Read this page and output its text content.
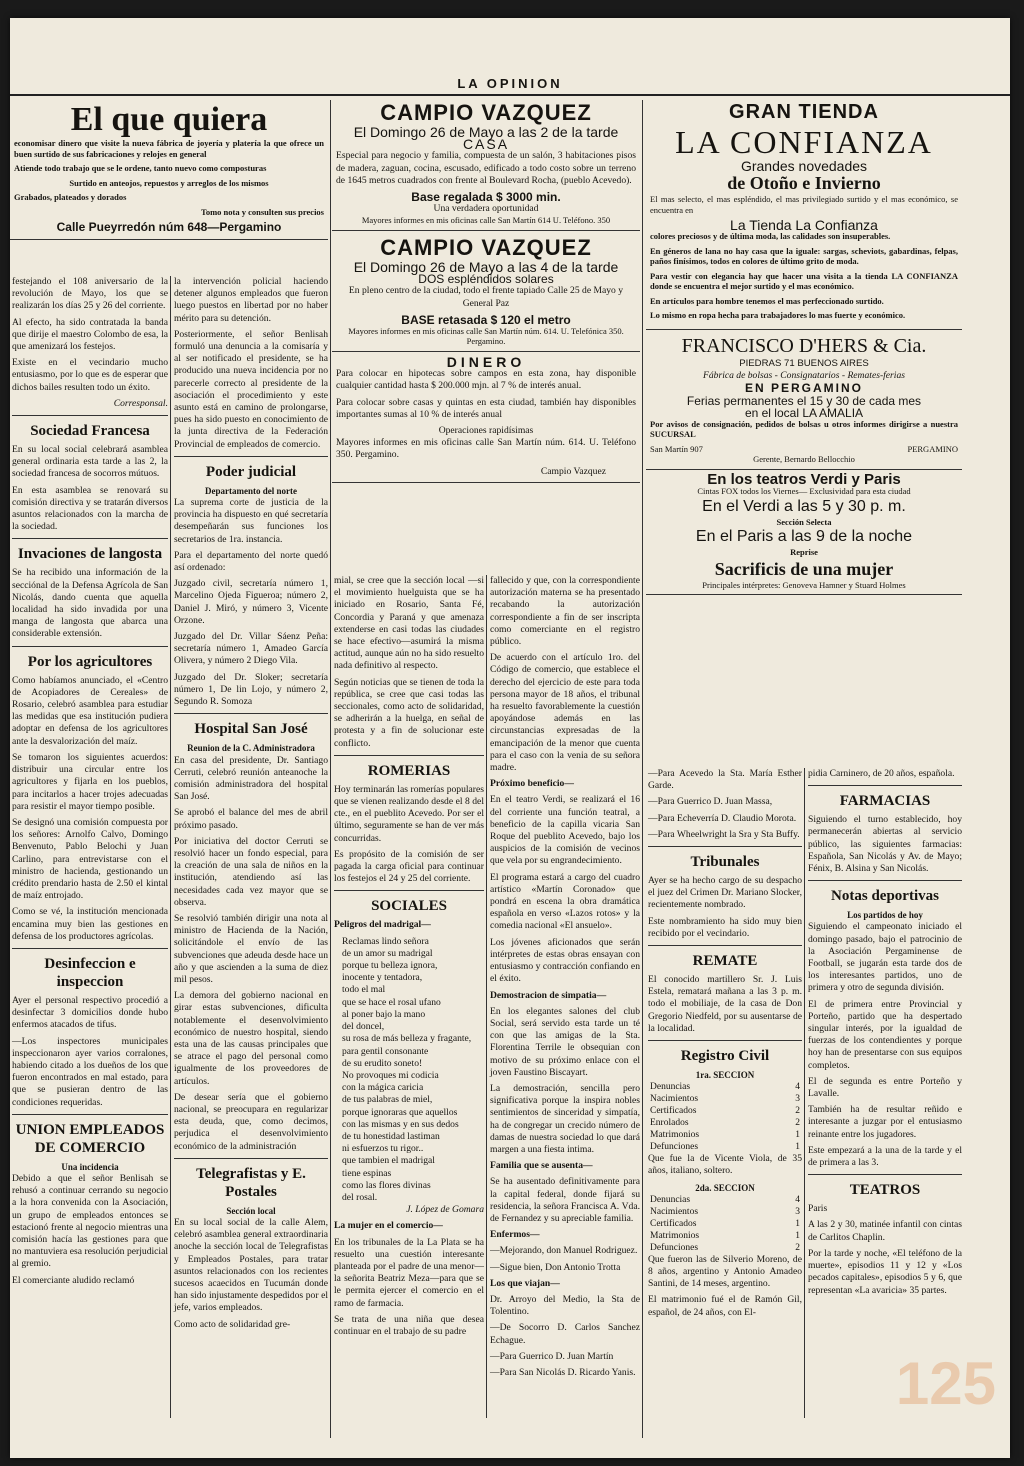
LA OPINION
El que quiera

economisar dinero que visite la nueva fábrica de joyería y platería la que ofrece un buen surtido de sus fabricaciones y relojes en general

Atiende todo trabajo que se le ordene, tanto nuevo como composturas

Surtido en anteojos, repuestos y arreglos de los mismos

Grabados, plateados y dorados

Tomo nota y consulten sus precios

Calle Pueyrredón núm 648—Pergamino

festejando el 108 aniversario de la revolución de Mayo, los que se realizarán los días 25 y 26 del corriente.

Al efecto, ha sido contratada la banda que dirije el maestro Colombo de esa, la que amenizará los festejos.

Existe en el vecindario mucho entusiasmo, por lo que es de esperar que dichos bailes resulten todo un éxito.

Corresponsal.

Sociedad Francesa

En su local social celebrará asamblea general ordinaria esta tarde a las 2, la sociedad francesa de socorros mútuos.

En esta asamblea se renovará su comisión directiva y se tratarán diversos asuntos relacionados con la marcha de la sociedad.

Invaciones de langosta

Se ha recibido una información de la secciónal de la Defensa Agrícola de San Nicolás, dando cuenta que aquella localidad ha sido invadida por una manga de langosta que abarca una considerable extensión.

Por los agricultores

Como habíamos anunciado, el «Centro de Acopiadores de Cereales» de Rosario, celebró asamblea para estudiar las medidas que esa institución pudiera adoptar en defensa de los agricultores ante la desvalorización del maíz.

Se tomaron los siguientes acuerdos: distribuir una circular entre los agricultores y fijarla en los pueblos, para incitarlos a hacer trojes adecuadas para resistir el mayor tiempo posible.

Se designó una comisión compuesta por los señores: Arnolfo Calvo, Domingo Benvenuto, Pablo Belochi y Juan Carlino, para entrevistarse con el ministro de hacienda, gestionando un crédito prendario hasta de 2.50 el kintal de maíz entrojado.

Como se vé, la institución mencionada encamina muy bien las gestiones en defensa de los productores agrícolas.

Desinfeccion e inspeccion

Ayer el personal respectivo procedió a desinfectar 3 domicilios donde hubo enfermos atacados de tifus.

—Los inspectores municipales inspeccionaron ayer varios corralones, habiendo citado a los dueños de los que fueron encontrados en mal estado, para que se pusieran dentro de las condiciones requeridas.

UNION EMPLEADOS DE COMERCIO
Una incidencia

Debido a que el señor Benlisah se rehusó a continuar cerrando su negocio a la hora convenida con la Asociación, un grupo de empleados entonces se estacionó frente al negocio mientras una comisión hacía las gestiones para que no mantuviera esa resolución perjudicial al gremio.

El comerciante aludido reclamó

la intervención policial haciendo detener algunos empleados que fueron luego puestos en libertad por no haber mérito para su detención.

Posteriormente, el señor Benlisah formuló una denuncia a la comisaría y al ser notificado el presidente, se ha producido una nueva incidencia por no parecerle correcto al presidente de la asociación el procedimiento y este asunto está en camino de prolongarse, pues ha sido puesto en conocimiento de la junta directiva de la Federación Provincial de empleados de comercio.

Poder judicial
Departamento del norte

La suprema corte de justicia de la provincia ha dispuesto en qué secretaría desempeñarán sus funciones los secretarios de 1ra. instancia.

Para el departamento del norte quedó así ordenado:

Juzgado civil, secretaría número 1, Marcelino Ojeda Figueroa; número 2, Daniel J. Miró, y número 3, Vicente Orzone.

Juzgado del Dr. Villar Sáenz Peña: secretaría número 1, Amadeo García Olivera, y número 2 Diego Vila.

Juzgado del Dr. Sloker; secretaría número 1, De lin Lojo, y número 2, Segundo R. Somoza

Hospital San José
Reunion de la C. Administradora

En casa del presidente, Dr. Santiago Cerruti, celebró reunión anteanoche la comisión administradora del hospital San José.

Se aprobó el balance del mes de abril próximo pasado.

Por iniciativa del doctor Cerruti se resolvió hacer un fondo especial, para la creación de una sala de niños en la institución, atendiendo así las necesidades cada vez mayor que se observa.

Se resolvió también dirigir una nota al ministro de Hacienda de la Nación, solicitándole el envío de las subvenciones que adeuda desde hace un año y que ascienden a la suma de diez mil pesos.

La demora del gobierno nacional en girar estas subvenciones, dificulta notablemente el desenvolvimiento económico de nuestro hospital, siendo esta una de las causas principales que se atrace el pago del personal como igualmente de los proveedores de artículos.

De desear sería que el gobierno nacional, se preocupara en regularizar esta deuda, que, como decimos, perjudica el desenvolvimiento económico de la administración

Telegrafistas y E. Postales
Sección local

En su local social de la calle Alem, celebró asamblea general extraordinaria anoche la sección local de Telegrafistas y Empleados Postales, para tratar asuntos relacionados con los recientes sucesos acaecidos en Tucumán donde han sido injustamente despedidos por el jefe, varios empleados.

Como acto de solidaridad gre-

CAMPIO VAZQUEZ
El Domingo 26 de Mayo a las 2 de la tarde
CASA

Especial para negocio y familia, compuesta de un salón, 3 habitaciones pisos de madera, zaguan, cocina, escusado, edificado a todo costo sobre un terreno de 1645 metros cuadrados con frente al Boulevard Rocha, (pueblo Acevedo).

Base regalada $ 3000 min.
Una verdadera oportunidad
Mayores informes en mis oficinas calle San Martín 614 U. Teléfono. 350
CAMPIO VAZQUEZ
El Domingo 26 de Mayo a las 4 de la tarde
DOS espléndidos solares

En pleno centro de la ciudad, todo el frente tapiado Calle 25 de Mayo y General Paz

BASE retasada $ 120 el metro
Mayores informes en mis oficinas calle San Martín núm. 614. U. Telefónica 350. Pergamino.
DINERO

Para colocar en hipotecas sobre campos en esta zona, hay disponible cualquier cantidad hasta $ 200.000 mjn. al 7 % de interés anual.

Para colocar sobre casas y quintas en esta ciudad, también hay disponibles importantes sumas al 10 % de interés anual

Operaciones rapidísimas

Mayores informes en mis oficinas calle San Martín núm. 614. U. Teléfono 350. Pergamino.

Campio Vazquez

mial, se cree que la sección local —si el movimiento huelguista que se ha iniciado en Rosario, Santa Fé, Concordia y Paraná y que amenaza extenderse en casi todas las ciudades se hace efectivo—asumirá la misma actitud, aunque aún no ha sido resuelto nada definitivo al respecto.

Según noticias que se tienen de toda la república, se cree que casi todas las seccionales, como acto de solidaridad, se adherirán a la huelga, en señal de protesta y a fin de solucionar este conflicto.

ROMERIAS

Hoy terminarán las romerías populares que se vienen realizando desde el 8 del cte., en el pueblito Acevedo. Por ser el último, seguramente se han de ver más concurridas.

Es propósito de la comisión de ser pagada la carga oficial para continuar los festejos el 24 y 25 del corriente.

SOCIALES

Peligros del madrigal—

Reclamas lindo señora

de un amor su madrigal

porque tu belleza ignora,

inocente y tentadora,

todo el mal

que se hace el rosal ufano

al poner bajo la mano

del doncel,

su rosa de más belleza y fragante,

para gentil consonante

de su erudito soneto!

No provoques mi codicia

con la mágica caricia

de tus palabras de miel,

porque ignoraras que aquellos

con las mismas y en sus dedos

de tu honestidad lastiman

ni esfuerzos tu rigor..

que tambien el madrigal

tiene espinas

como las flores divinas

del rosal.

J. López de Gomara

La mujer en el comercio—

En los tribunales de la La Plata se ha resuelto una cuestión interesante planteada por el padre de una menor—la señorita Beatriz Meza—para que se le permita ejercer el comercio en el ramo de farmacia.

Se trata de una niña que desea continuar en el trabajo de su padre

fallecido y que, con la correspondiente autorización materna se ha presentado recabando la autorización correspondiente a fin de ser inscripta como comerciante en el registro público.

De acuerdo con el artículo 1ro. del Código de comercio, que establece el derecho del ejercicio de este para toda persona mayor de 18 años, el tribunal ha resuelto favorablemente la cuestión apoyándose además en las circunstancias expresadas de la emancipación de la menor que cuenta para el caso con la venia de su señora madre.

Próximo beneficio—

En el teatro Verdi, se realizará el 16 del corriente una función teatral, a beneficio de la capilla vicaria San Roque del pueblito Acevedo, bajo los auspicios de la comisión de vecinos que vela por su engrandecimiento.

El programa estará a cargo del cuadro artístico «Martín Coronado» que pondrá en escena la obra dramática española en verso «Lazos rotos» y la comedia nacional «El ansuelo».

Los jóvenes aficionados que serán intérpretes de estas obras ensayan con entusiasmo y contracción confiando en el éxito.

Demostracion de simpatia—

En los elegantes salones del club Social, será servido esta tarde un té con que las amigas de la Sta. Florentina Terrile le obsequian con motivo de su próximo enlace con el joven Faustino Biscayart.

La demostración, sencilla pero significativa porque la inspira nobles sentimientos de sinceridad y simpatía, ha de congregar un crecido número de damas de nuestra sociedad lo que dará margen a una fiesta intima.

Familia que se ausenta—

Se ha ausentado definitivamente para la capital federal, donde fijará su residencia, la señora Francisca A. Vda. de Fernandez y su apreciable familia.

Enfermos—

—Mejorando, don Manuel Rodriguez.

—Sigue bien, Don Antonio Trotta

Los que viajan—

Dr. Arroyo del Medio, la Sta de Tolentino.

—De Socorro D. Carlos Sanchez Echague.

—Para Guerrico D. Juan Martín

—Para San Nicolás D. Ricardo Yanis.

GRAN TIENDA
LA CONFIANZA
Grandes novedades
de Otoño e Invierno

El mas selecto, el mas espléndido, el mas privilegiado surtido y el mas económico, se encuentra en

La Tienda La Confianza

colores preciosos y de última moda, las calidades son insuperables.

En géneros de lana no hay casa que la iguale: sargas, scheviots, gabardinas, felpas, paños finísimos, todos en colores de último grito de moda.

Para vestir con elegancia hay que hacer una visita a la tienda LA CONFIANZA donde se encuentra el mejor surtido y el mas económico.

En artículos para hombre tenemos el mas perfeccionado surtido.

Lo mismo en ropa hecha para trabajadores lo mas fuerte y económico.

FRANCISCO D'HERS & Cia.
PIEDRAS 71 BUENOS AIRES
Fábrica de bolsas - Consignatarios - Remates-ferias
EN PERGAMINO
Ferias permanentes el 15 y 30 de cada mes
en el local LA AMALIA

Por avisos de consignación, pedidos de bolsas u otros informes dirigirse a nuestra SUCURSAL

San Martín 907	PERGAMINO
Gerente, Bernardo Bellocchio
En los teatros Verdi y Paris
Cintas FOX todos los Viernes— Exclusividad para esta ciudad
En el Verdi a las 5 y 30 p. m.
Sección Selecta
En el Paris a las 9 de la noche
Reprise
Sacrificis de una mujer
Principales intérpretes: Genoveva Hamner y Stuard Holmes

—Para Acevedo la Sta. María Esther Garde.

—Para Guerrico D. Juan Massa,

—Para Echeverría D. Claudio Morota.

—Para Wheelwright la Sra y Sta Buffy.

Tribunales

Ayer se ha hecho cargo de su despacho el juez del Crimen Dr. Mariano Slocker, recientemente nombrado.

Este nombramiento ha sido muy bien recibido por el vecindario.

REMATE

El conocido martillero Sr. J. Luis Estela, rematará mañana a las 3 p. m. todo el mobiliaje, de la casa de Don Gregorio Niedfeld, por su ausentarse de la localidad.

Registro Civil
1ra. SECCION
Denuncias	4
Nacimientos	3
Certificados	2
Enrolados	2
Matrimonios	1
Defunciones	1

Que fue la de Vicente Viola, de 35 años, italiano, soltero.

2da. SECCION
Denuncias	4
Nacimientos	3
Certificados	1
Matrimonios	1
Defunciones	2

Que fueron las de Silverio Moreno, de 8 años, argentino y Antonio Amadeo Santini, de 14 meses, argentino.

El matrimonio fué el de Ramón Gil, español, de 24 años, con El-

pidia Carninero, de 20 años, española.

FARMACIAS

Siguiendo el turno establecido, hoy permanecerán abiertas al servicio público, las siguientes farmacias: Española, San Nicolás y Av. de Mayo; Fénix, B. Alsina y San Nicolás.

Notas deportivas
Los partidos de hoy

Siguiendo el campeonato iniciado el domingo pasado, bajo el patrocinio de la Asociación Pergaminense de Football, se jugarán esta tarde dos de los interesantes partidos, uno de primera y otro de segunda división.

El de primera entre Provincial y Porteño, partido que ha despertado singular interés, por la igualdad de fuerzas de los contendientes y porque hoy han de presentarse con sus equipos completos.

El de segunda es entre Porteño y Lavalle.

También ha de resultar reñido e interesante a juzgar por el entusiasmo reinante entre los jugadores.

Este empezará a la una de la tarde y el de primera a las 3.

TEATROS

Paris

A las 2 y 30, matinée infantil con cintas de Carlitos Chaplin.

Por la tarde y noche, «El teléfono de la muerte», episodios 11 y 12 y «Los pecados capitales», episodios 5 y 6, que representan «La avaricia» 35 partes.

125
